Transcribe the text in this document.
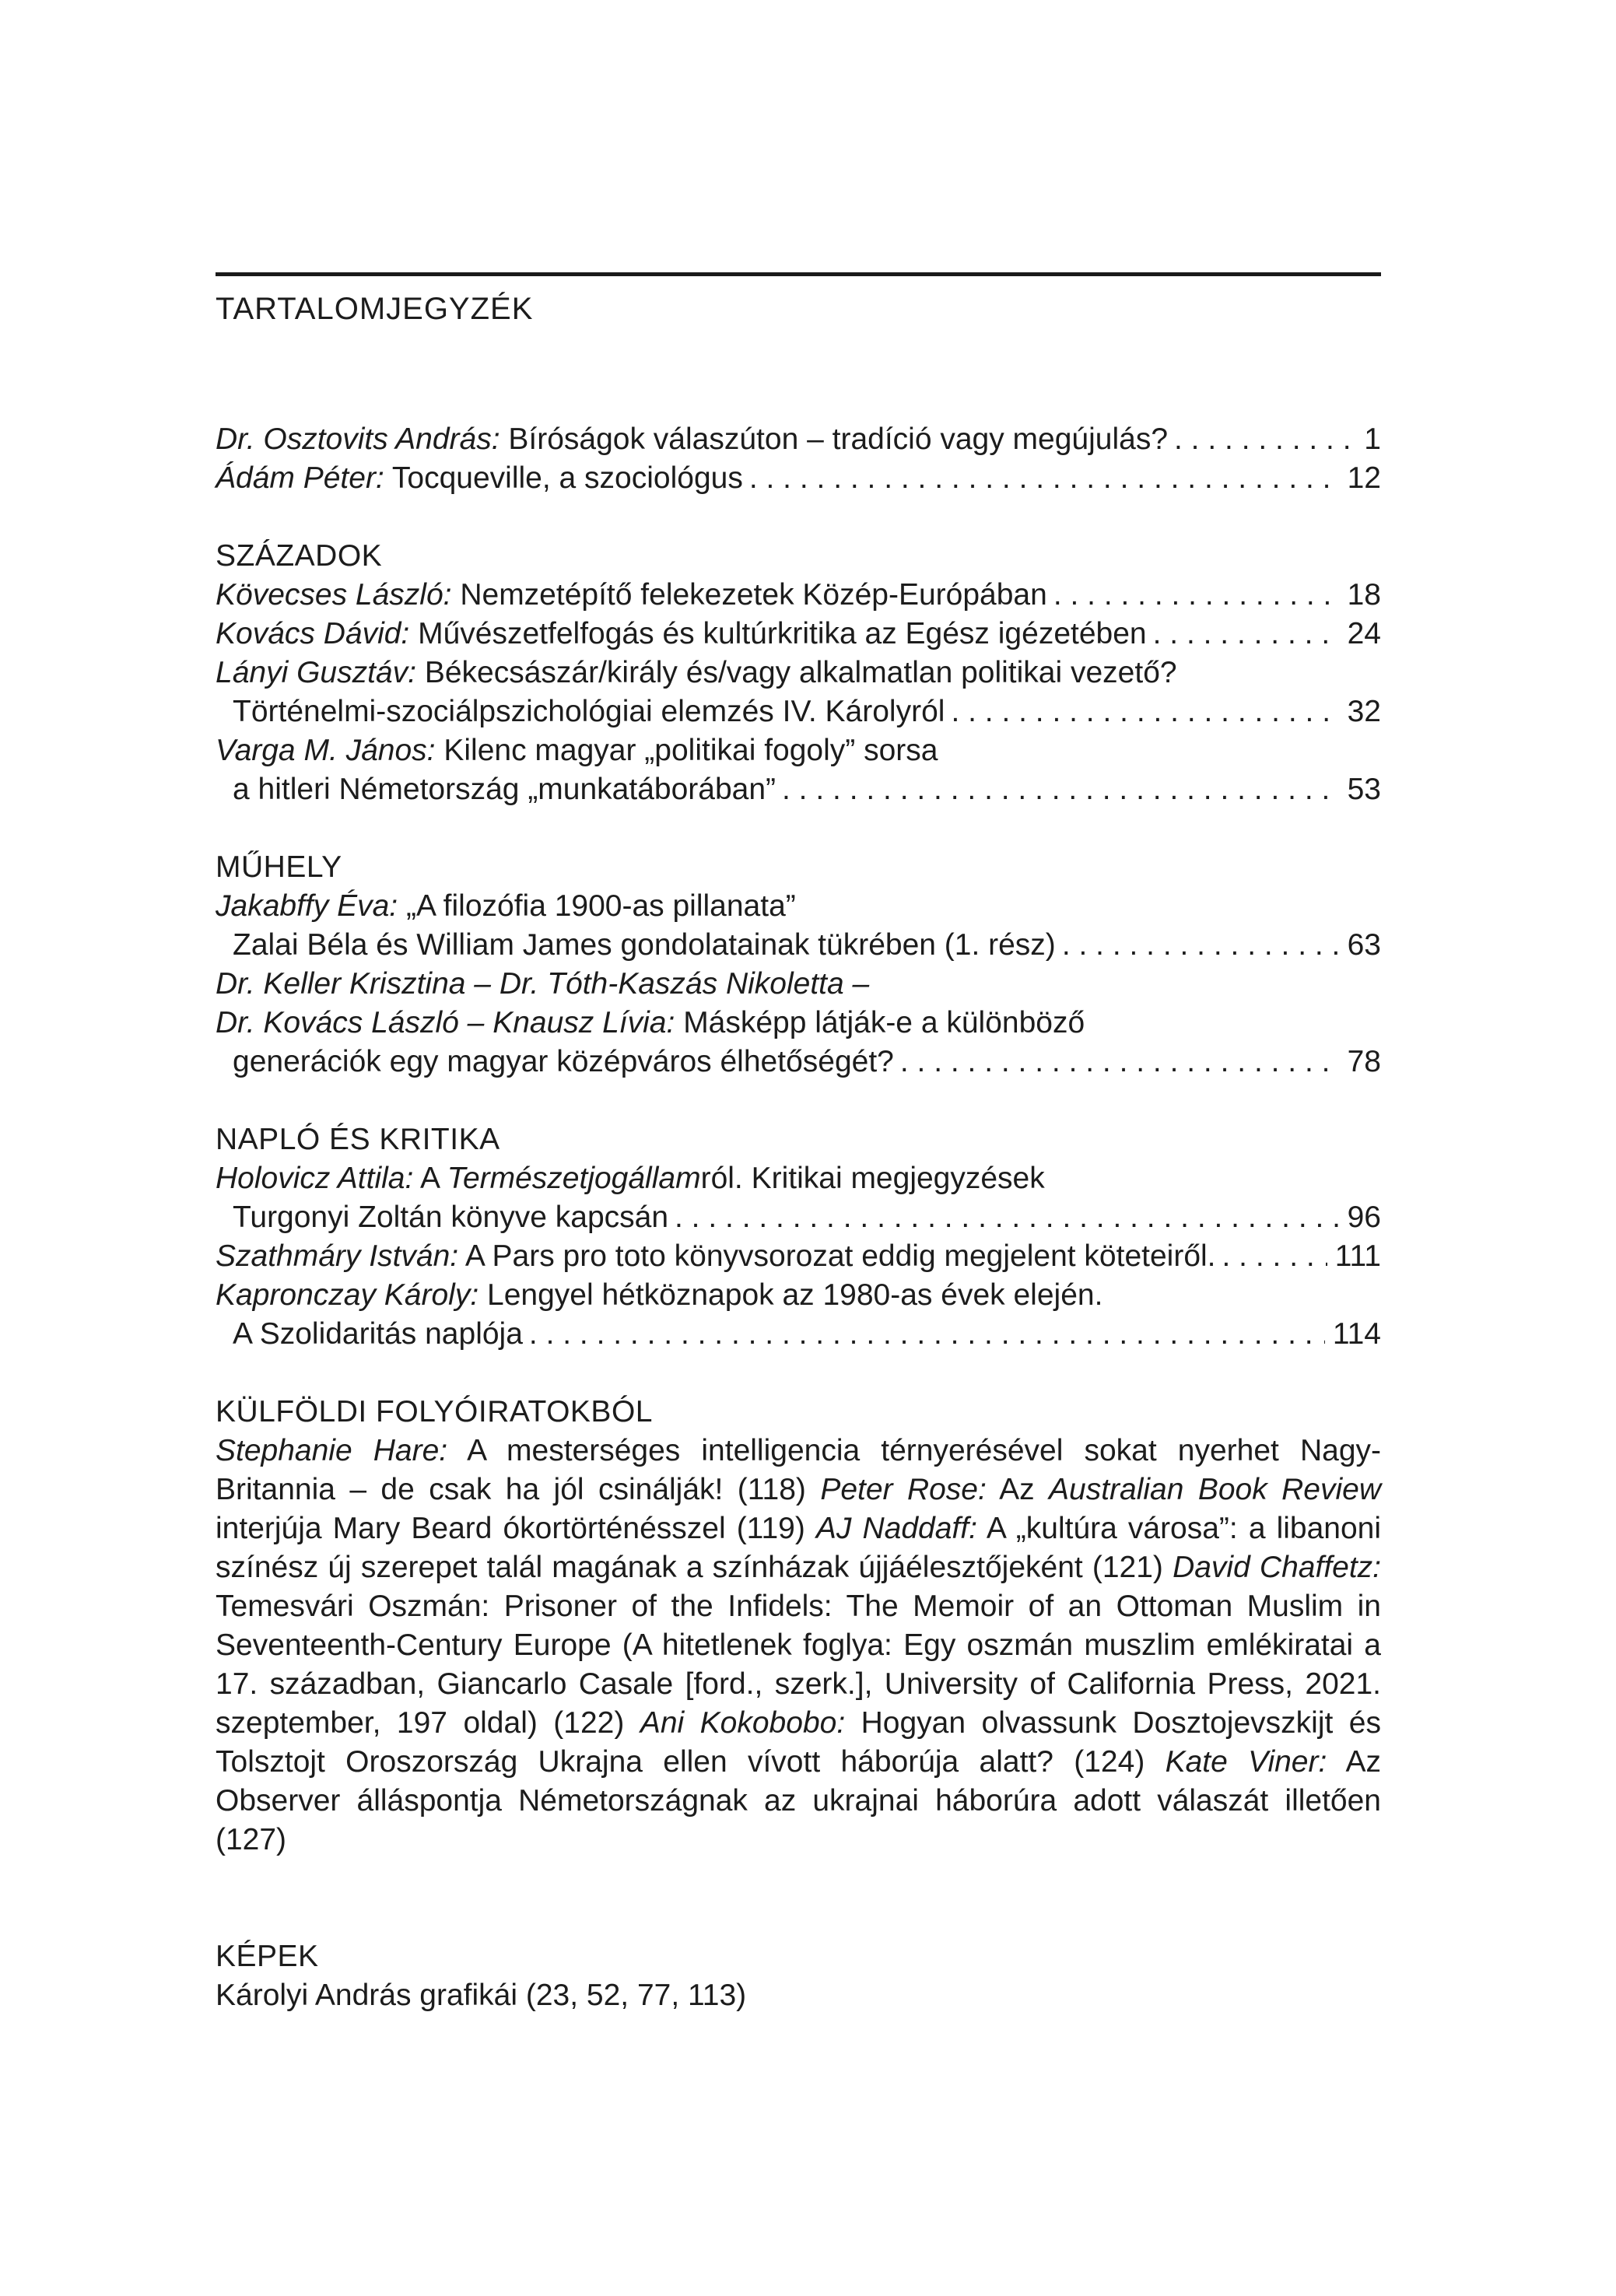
TARTALOMJEGYZÉK
Dr. Osztovits András: Bíróságok válaszúton – tradíció vagy megújulás? . . .	1
Ádám Péter: Tocqueville, a szociológus . . .	12
SZÁZADOK
Kövecses László: Nemzetépítő felekezetek Közép-Európában . . .	18
Kovács Dávid: Művészetfelfogás és kultúrkritika az Egész igézetében . . .	24
Lányi Gusztáv: Békecsászár/király és/vagy alkalmatlan politikai vezető?
Történelmi-szociálpszichológiai elemzés IV. Károlyról . . .	32
Varga M. János: Kilenc magyar „politikai fogoly” sorsa
a hitleri Németország „munkatáborában” . . .	53
MŰHELY
Jakabffy Éva: „A filozófia 1900-as pillanata”
Zalai Béla és William James gondolatainak tükrében (1. rész) . . .	63
Dr. Keller Krisztina – Dr. Tóth-Kaszás Nikoletta –
Dr. Kovács László – Knausz Lívia: Másképp látják-e a különböző
generációk egy magyar középváros élhetőségét? . . .	78
NAPLÓ ÉS KRITIKA
Holovicz Attila: A Természetjogállamról. Kritikai megjegyzések
Turgonyi Zoltán könyve kapcsán . . .	96
Szathmáry István: A Pars pro toto könyvsorozat eddig megjelent köteteiről. . . .	111
Kapronczay Károly: Lengyel hétköznapok az 1980-as évek elején.
A Szolidaritás naplója . . .	114
KÜLFÖLDI FOLYÓIRATOKBÓL
Stephanie Hare: A mesterséges intelligencia térnyerésével sokat nyerhet Nagy-Britannia – de csak ha jól csinálják! (118) Peter Rose: Az Australian Book Review interjúja Mary Beard ókortörténésszel (119) AJ Naddaff: A „kultúra városa”: a libanoni színész új szerepet talál magának a színházak újjáélesztőjeként (121) David Chaffetz: Temesvári Oszmán: Prisoner of the Infidels: The Memoir of an Ottoman Muslim in Seventeenth-Century Europe (A hitetlenek foglya: Egy oszmán muszlim emlékiratai a 17. században, Giancarlo Casale [ford., szerk.], University of California Press, 2021. szeptember, 197 oldal) (122) Ani Kokobobo: Hogyan olvassunk Dosztojevszkijt és Tolsztojt Oroszország Ukrajna ellen vívott háborúja alatt? (124) Kate Viner: Az Observer álláspontja Németországnak az ukrajnai háborúra adott válaszát illetően (127)
KÉPEK
Károlyi András grafikái (23, 52, 77, 113)
